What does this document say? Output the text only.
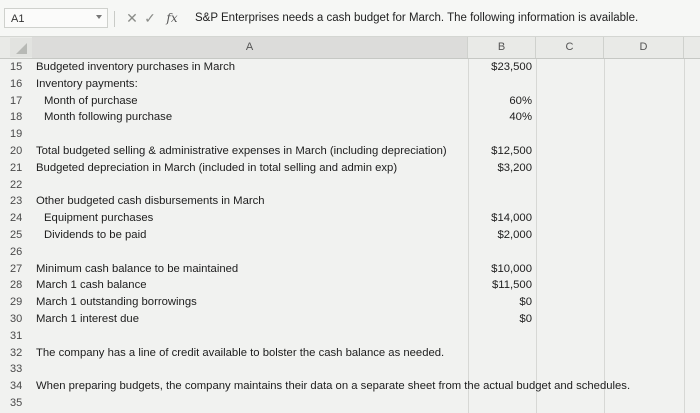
A1	✕ ✓ fx S&P Enterprises needs a cash budget for March. The following information is available.
A	B	C	D
15	Budgeted inventory purchases in March	$23,500
16	Inventory payments:
17	Month of purchase	60%
18	Month following purchase	40%
19
20	Total budgeted selling & administrative expenses in March (including depreciation)	$12,500
21	Budgeted depreciation in March (included in total selling and admin exp)	$3,200
22
23	Other budgeted cash disbursements in March
24	Equipment purchases	$14,000
25	Dividends to be paid	$2,000
26
27	Minimum cash balance to be maintained	$10,000
28	March 1 cash balance	$11,500
29	March 1 outstanding borrowings	$0
30	March 1 interest due	$0
31
32	The company has a line of credit available to bolster the cash balance as needed.
33
34	When preparing budgets, the company maintains their data on a separate sheet from the actual budget and schedules.
35
